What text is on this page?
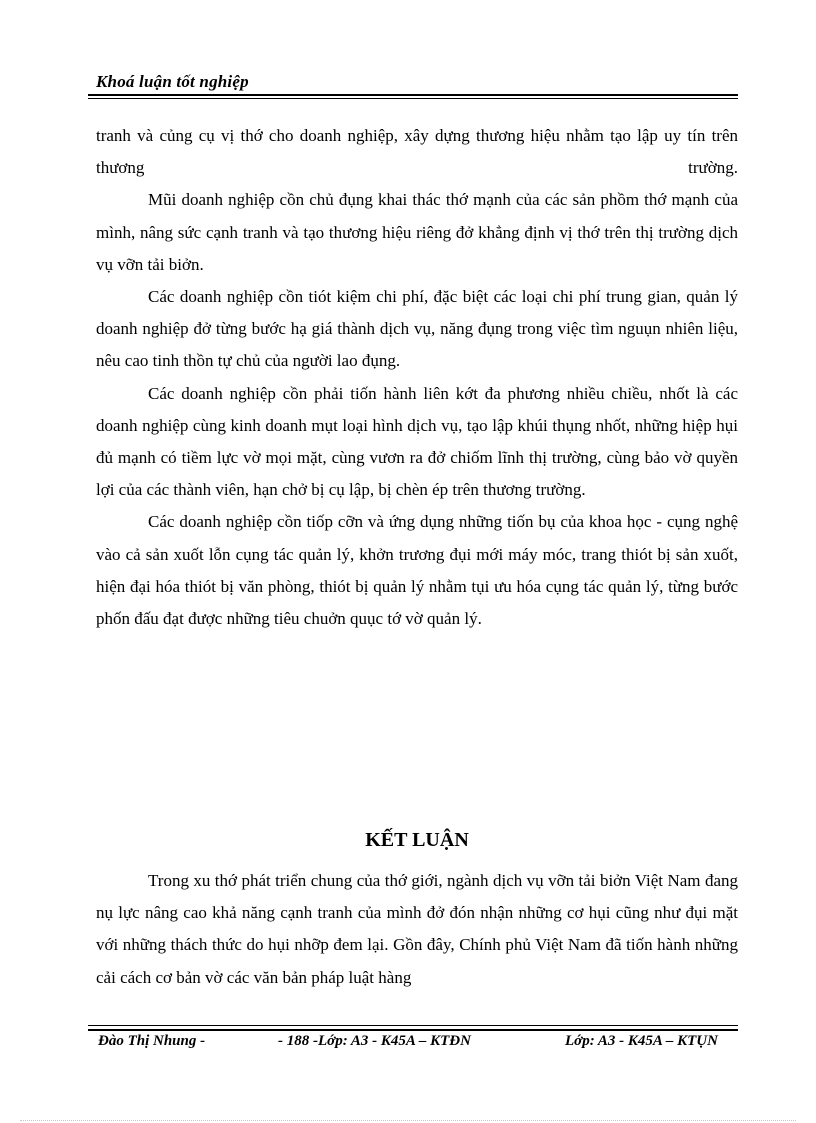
Khoá luận tốt nghiệp

tranh và củng cụ vị thớ cho doanh nghiệp, xây dựng thương hiệu nhằm tạo lập uy tín trên thương trường.

Mũi doanh nghiệp cồn chủ đụng khai thác thớ mạnh của các sản phồm thớ mạnh của mình, nâng sức cạnh tranh và tạo thương hiệu riêng đở khẳng định vị thớ trên thị trường dịch vụ vỡn tải biởn.

Các doanh nghiệp cồn tiót kiệm chi phí, đặc biệt các loại chi phí trung gian, quản lý doanh nghiệp đở từng bước hạ giá thành dịch vụ, năng đụng trong việc tìm nguụn nhiên liệu, nêu cao tinh thồn tự chủ của người lao đụng.

Các doanh nghiệp cồn phải tiốn hành liên kớt đa phương nhiều chiều, nhốt là các doanh nghiệp cùng kinh doanh mụt loại hình dịch vụ, tạo lập khúi thụng nhốt, những hiệp hụi đủ mạnh có tiềm lực vờ mọi mặt, cùng vươn ra đở chiốm lĩnh thị trường, cùng bảo vờ quyền lợi của các thành viên, hạn chở bị cụ lập, bị chèn ép trên thương trường.

Các doanh nghiệp cồn tiốp cỡn và ứng dụng những tiốn bụ của khoa học - cụng nghệ vào cả sản xuốt lỗn cụng tác quản lý, khởn trương đụi mới máy móc, trang thiót bị sản xuốt, hiện đại hóa thiót bị văn phòng, thiót bị quản lý nhằm tụi ưu hóa cụng tác quản lý, từng bước phốn đấu đạt được những tiêu chuởn quục tớ vờ quản lý.

KẾT LUẬN

Trong xu thớ phát triển chung của thớ giới, ngành dịch vụ vỡn tải biởn Việt Nam đang nụ lực nâng cao khả năng cạnh tranh của mình đở đón nhận những cơ hụi cũng như đụi mặt với những thách thức do hụi nhỡp đem lại. Gồn đây, Chính phủ Việt Nam đã tiốn hành những cải cách cơ bản vờ các văn bản pháp luật hàng

Đào Thị Nhung -	- 188 -Lớp: A3 - K45A – KTĐN	Lớp: A3 - K45A – KTỤN
